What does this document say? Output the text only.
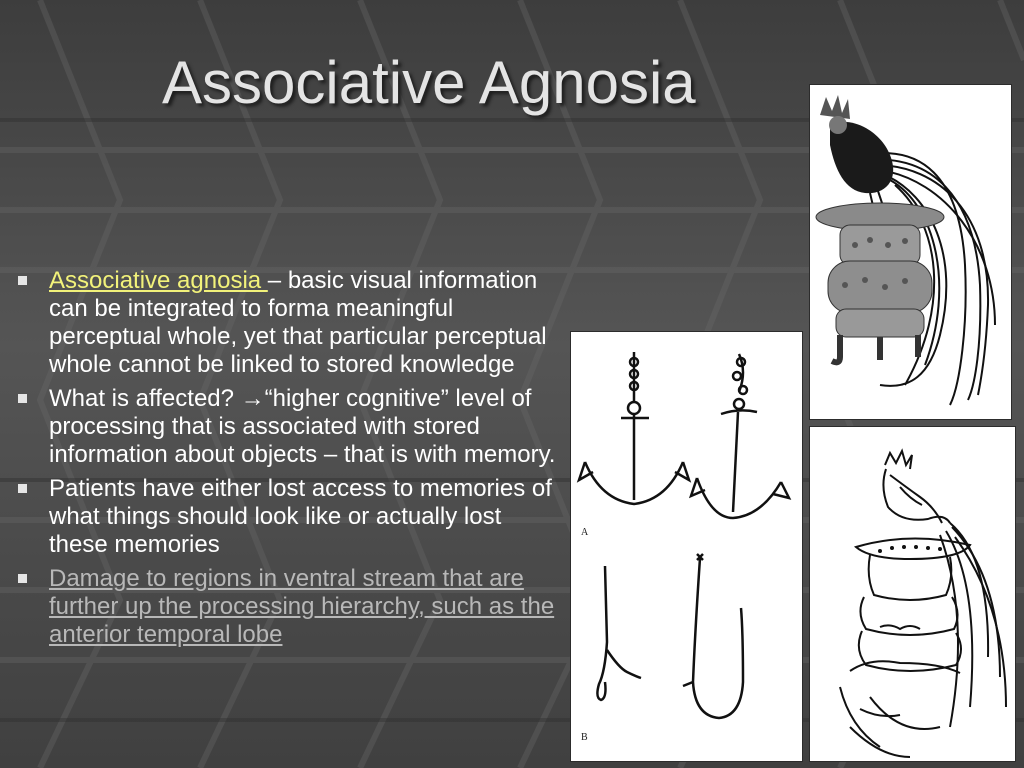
Associative Agnosia
Associative agnosia – basic visual information can be integrated to forma meaningful perceptual whole, yet that particular perceptual whole cannot be linked to stored knowledge
What is affected? →“higher cognitive” level of processing that is associated with stored information about objects – that is with memory.
Patients have either lost access to memories of what things should look like or actually lost these memories
Damage to regions in ventral stream that are further up the processing hierarchy, such as the anterior temporal lobe
A
B
